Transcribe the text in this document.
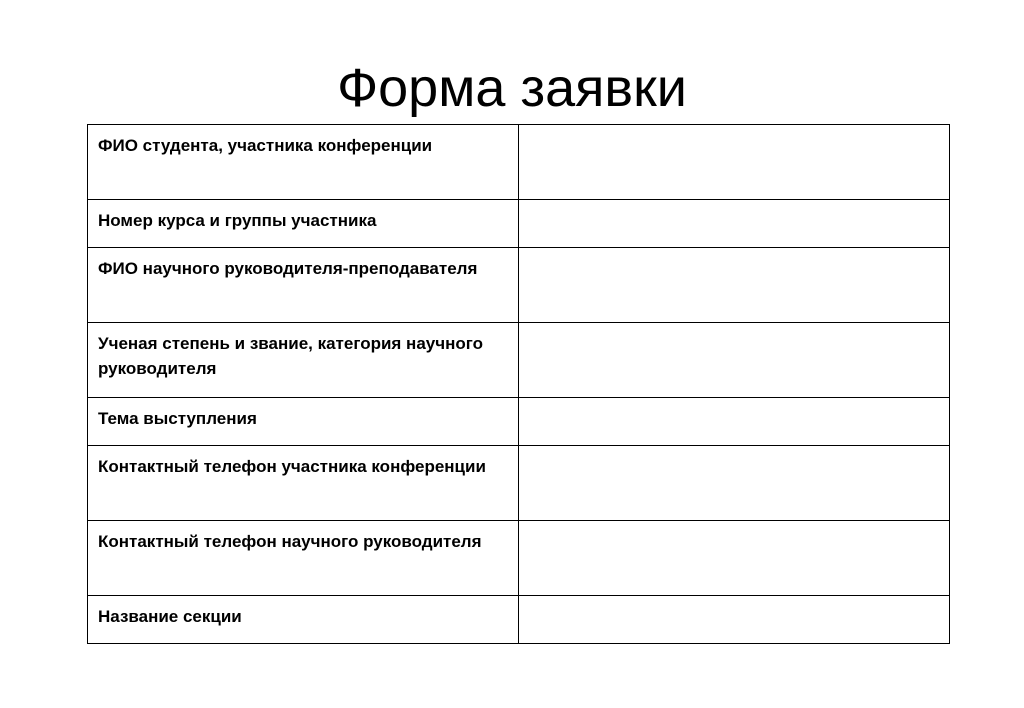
Форма заявки
ФИО студента, участника конференции	
Номер курса и группы участника	
ФИО научного руководителя-преподавателя	
Ученая степень и звание, категория научного руководителя	
Тема выступления	
Контактный телефон участника конференции	
Контактный телефон научного руководителя	
Название секции	
